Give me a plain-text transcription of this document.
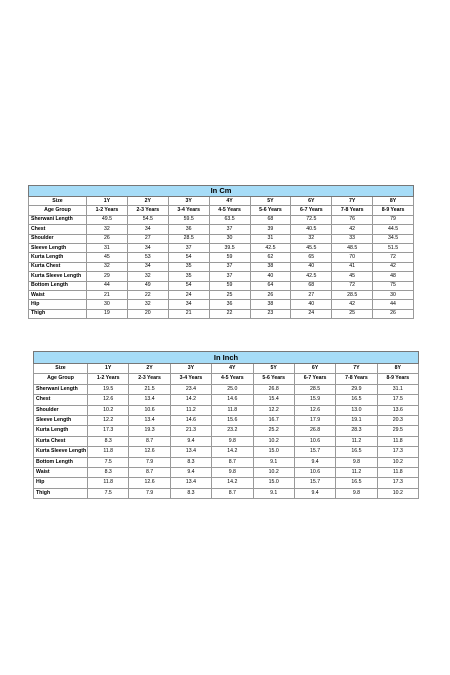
In Cm								
Size	1Y	2Y	3Y	4Y	5Y	6Y	7Y	8Y
Age Group	1-2 Years	2-3 Years	3-4 Years	4-5 Years	5-6 Years	6-7 Years	7-8 Years	8-9 Years
Sherwani Length	49.5	54.5	59.5	63.5	68	72.5	76	79
Chest	32	34	36	37	39	40.5	42	44.5
Shoulder	26	27	28.5	30	31	32	33	34.5
Sleeve Length	31	34	37	39.5	42.5	45.5	48.5	51.5
Kurta Length	45	53	54	59	62	65	70	72
Kurta Chest	32	34	35	37	38	40	41	42
Kurta Sleeve Length	29	32	35	37	40	42.5	45	48
Bottom Length	44	49	54	59	64	68	72	75
Waist	21	22	24	25	26	27	28.5	30
Hip	30	32	34	36	38	40	42	44
Thigh	19	20	21	22	23	24	25	26
In Inch								
Size	1Y	2Y	3Y	4Y	5Y	6Y	7Y	8Y
Age Group	1-2 Years	2-3 Years	3-4 Years	4-5 Years	5-6 Years	6-7 Years	7-8 Years	8-9 Years
Sherwani Length	19.5	21.5	23.4	25.0	26.8	28.5	29.9	31.1
Chest	12.6	13.4	14.2	14.6	15.4	15.9	16.5	17.5
Shoulder	10.2	10.6	11.2	11.8	12.2	12.6	13.0	13.6
Sleeve Length	12.2	13.4	14.6	15.6	16.7	17.9	19.1	20.3
Kurta Length	17.3	19.3	21.3	23.2	25.2	26.8	28.3	29.5
Kurta Chest	8.3	8.7	9.4	9.8	10.2	10.6	11.2	11.8
Kurta Sleeve Length	11.8	12.6	13.4	14.2	15.0	15.7	16.5	17.3
Bottom Length	7.5	7.9	8.3	8.7	9.1	9.4	9.8	10.2
Waist	8.3	8.7	9.4	9.8	10.2	10.6	11.2	11.8
Hip	11.8	12.6	13.4	14.2	15.0	15.7	16.5	17.3
Thigh	7.5	7.9	8.3	8.7	9.1	9.4	9.8	10.2
